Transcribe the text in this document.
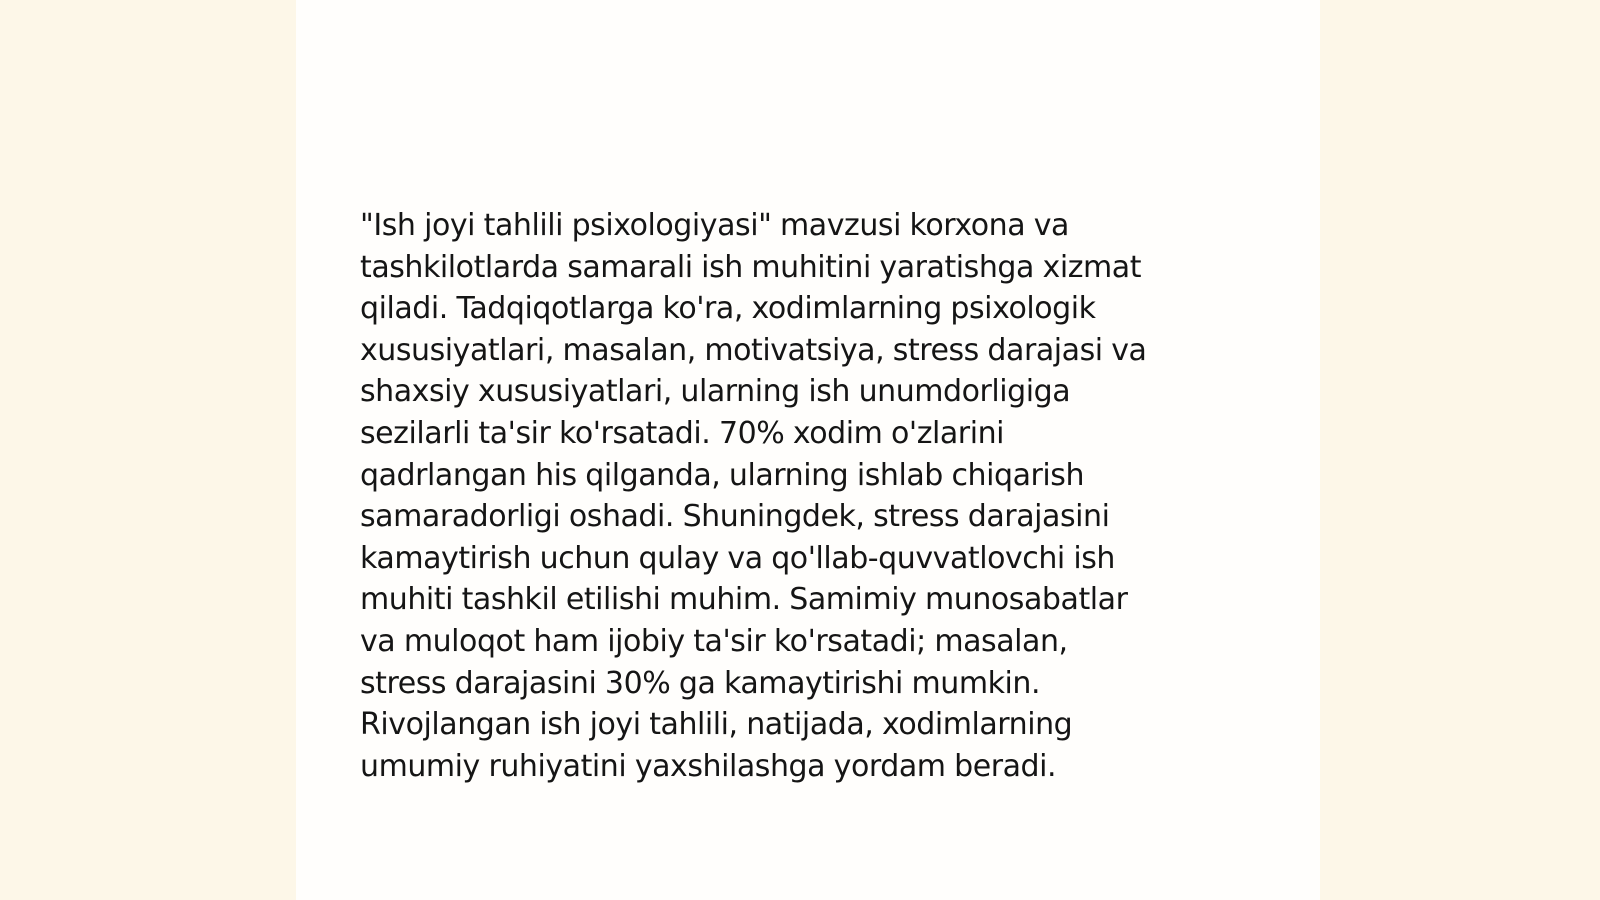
"Ish joyi tahlili psixologiyasi" mavzusi korxona va
tashkilotlarda samarali ish muhitini yaratishga xizmat
qiladi. Tadqiqotlarga ko'ra, xodimlarning psixologik
xususiyatlari, masalan, motivatsiya, stress darajasi va
shaxsiy xususiyatlari, ularning ish unumdorligiga
sezilarli ta'sir ko'rsatadi. 70% xodim o'zlarini
qadrlangan his qilganda, ularning ishlab chiqarish
samaradorligi oshadi. Shuningdek, stress darajasini
kamaytirish uchun qulay va qo'llab-quvvatlovchi ish
muhiti tashkil etilishi muhim. Samimiy munosabatlar
va muloqot ham ijobiy ta'sir ko'rsatadi; masalan,
stress darajasini 30% ga kamaytirishi mumkin.
Rivojlangan ish joyi tahlili, natijada, xodimlarning
umumiy ruhiyatini yaxshilashga yordam beradi.
